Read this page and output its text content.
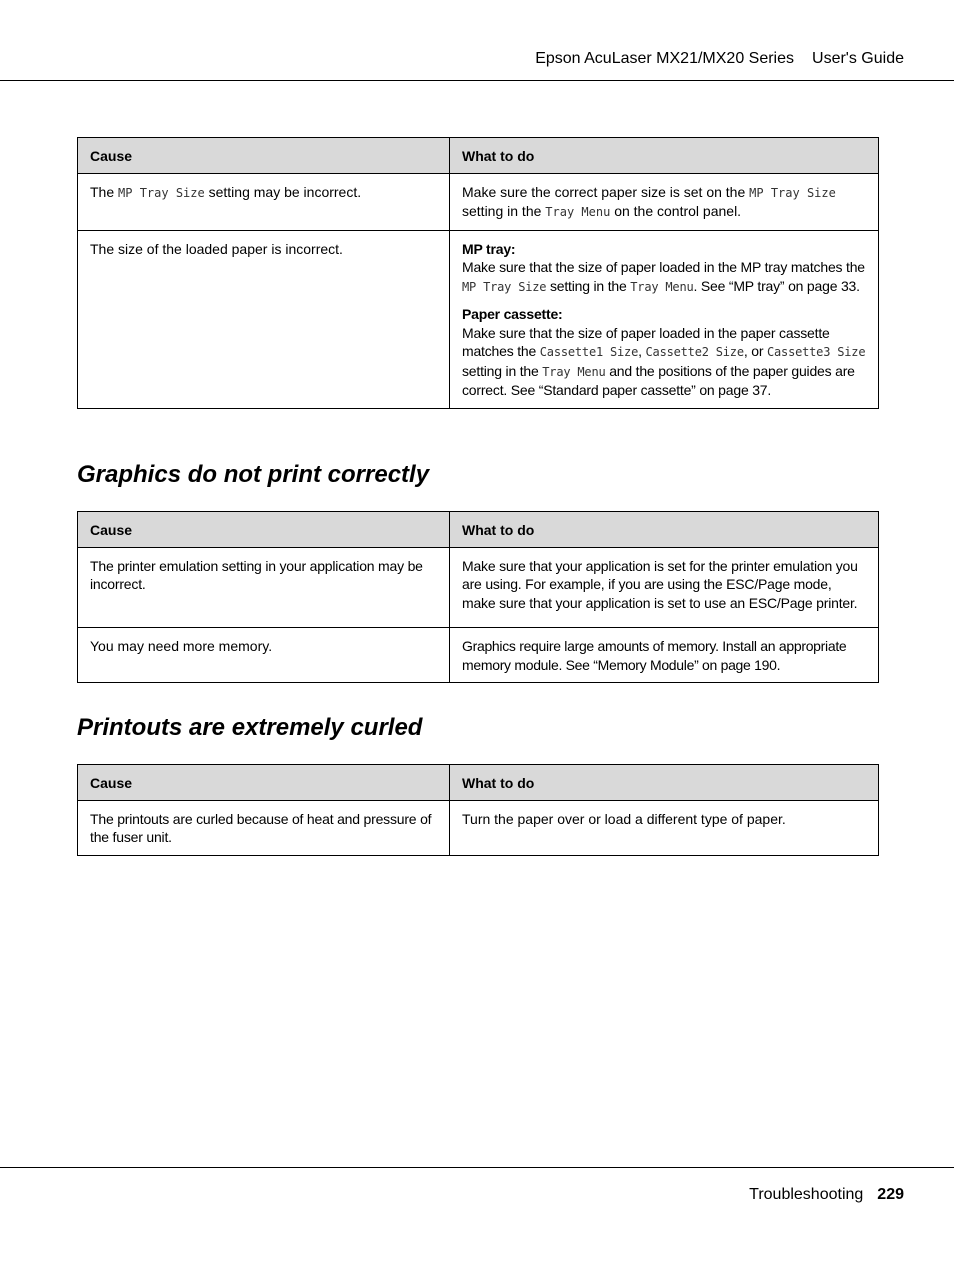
Epson AcuLaser MX21/MX20 Series User's Guide
Cause	What to do
The MP Tray Size setting may be incorrect.	Make sure the correct paper size is set on the MP Tray Size setting in the Tray Menu on the control panel.
The size of the loaded paper is incorrect.	MP tray:
Make sure that the size of paper loaded in the MP tray matches the MP Tray Size setting in the Tray Menu. See “MP tray” on page 33.

Paper cassette:
Make sure that the size of paper loaded in the paper cassette matches the Cassette1 Size, Cassette2 Size, or Cassette3 Size setting in the Tray Menu and the positions of the paper guides are correct. See “Standard paper cassette” on page 37.

Graphics do not print correctly
Cause	What to do
The printer emulation setting in your application may be incorrect.	Make sure that your application is set for the printer emulation you are using. For example, if you are using the ESC/Page mode, make sure that your application is set to use an ESC/Page printer.
You may need more memory.	Graphics require large amounts of memory. Install an appropriate memory module. See “Memory Module” on page 190.
Printouts are extremely curled
Cause	What to do
The printouts are curled because of heat and pressure of the fuser unit.	Turn the paper over or load a different type of paper.
Troubleshooting 229
